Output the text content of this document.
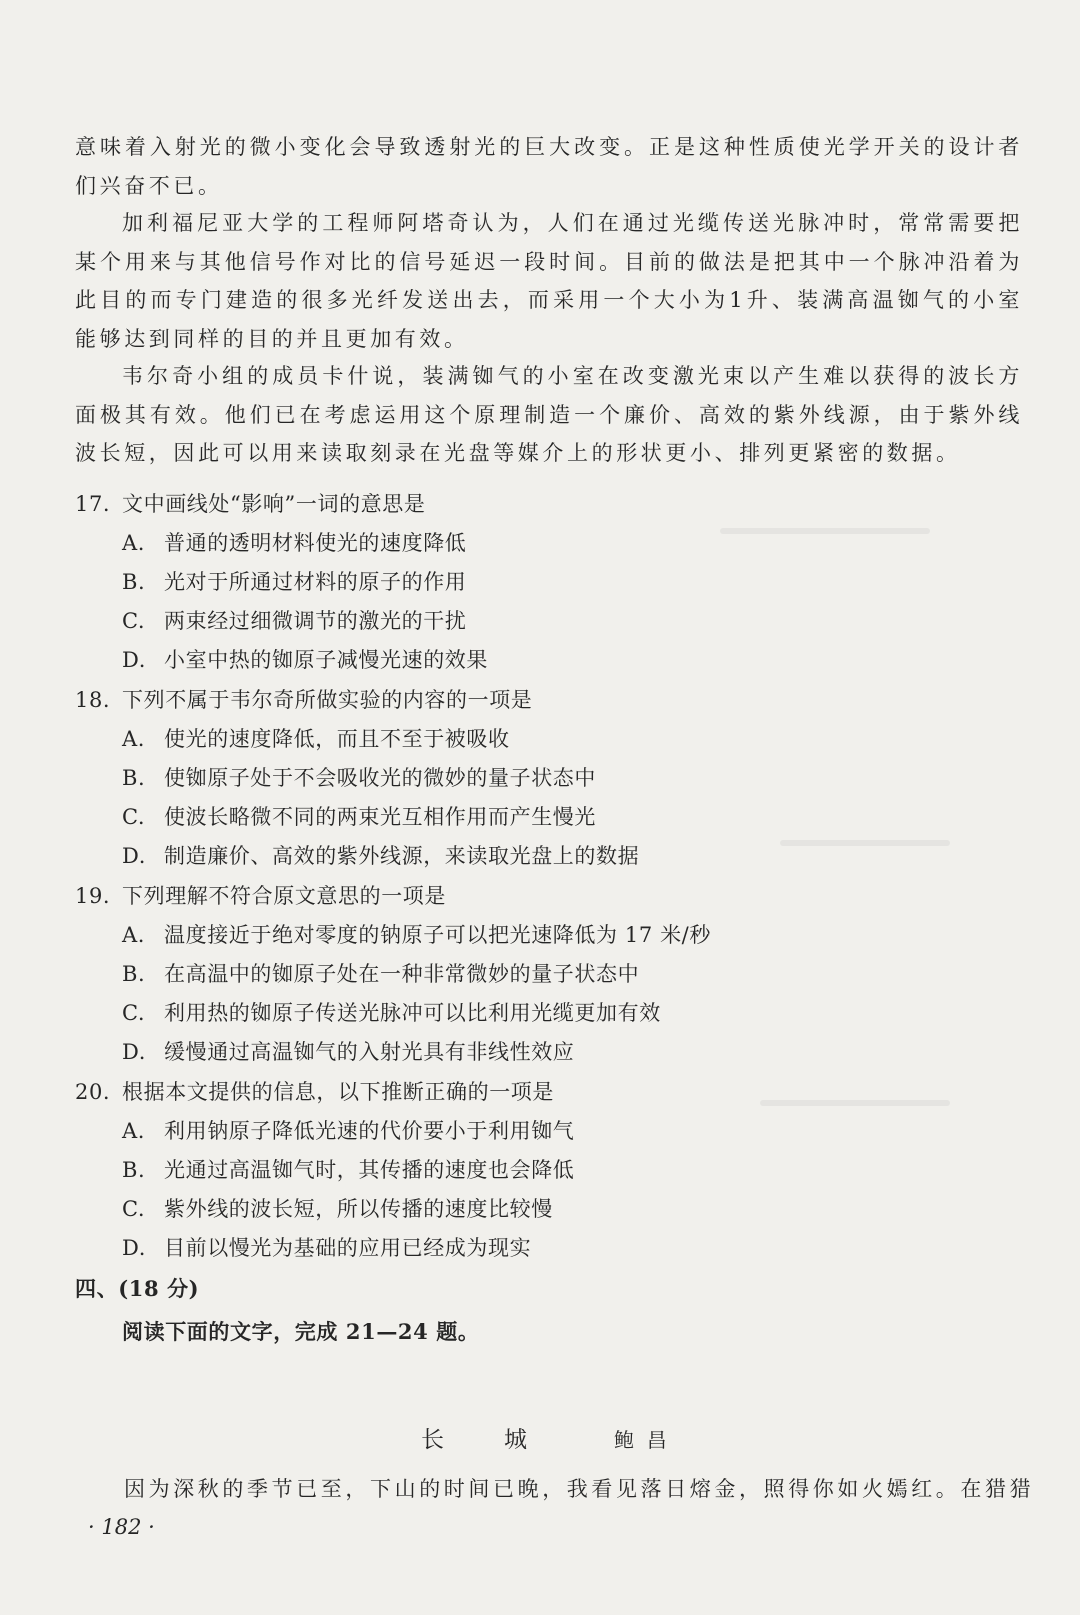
意味着入射光的微小变化会导致透射光的巨大改变。正是这种性质使光学开关的设计者们兴奋不已。

加利福尼亚大学的工程师阿塔奇认为，人们在通过光缆传送光脉冲时，常常需要把某个用来与其他信号作对比的信号延迟一段时间。目前的做法是把其中一个脉冲沿着为此目的而专门建造的很多光纤发送出去，而采用一个大小为1升、装满高温铷气的小室能够达到同样的目的并且更加有效。

韦尔奇小组的成员卡什说，装满铷气的小室在改变激光束以产生难以获得的波长方面极其有效。他们已在考虑运用这个原理制造一个廉价、高效的紫外线源，由于紫外线波长短，因此可以用来读取刻录在光盘等媒介上的形状更小、排列更紧密的数据。

17. 文中画线处“影响”一词的意思是
A. 普通的透明材料使光的速度降低
B. 光对于所通过材料的原子的作用
C. 两束经过细微调节的激光的干扰
D. 小室中热的铷原子减慢光速的效果
18. 下列不属于韦尔奇所做实验的内容的一项是
A. 使光的速度降低，而且不至于被吸收
B. 使铷原子处于不会吸收光的微妙的量子状态中
C. 使波长略微不同的两束光互相作用而产生慢光
D. 制造廉价、高效的紫外线源，来读取光盘上的数据
19. 下列理解不符合原文意思的一项是
A. 温度接近于绝对零度的钠原子可以把光速降低为 17 米/秒
B. 在高温中的铷原子处在一种非常微妙的量子状态中
C. 利用热的铷原子传送光脉冲可以比利用光缆更加有效
D. 缓慢通过高温铷气的入射光具有非线性效应
20. 根据本文提供的信息，以下推断正确的一项是
A. 利用钠原子降低光速的代价要小于利用铷气
B. 光通过高温铷气时，其传播的速度也会降低
C. 紫外线的波长短，所以传播的速度比较慢
D. 目前以慢光为基础的应用已经成为现实
四、(18 分)
阅读下面的文字，完成 21—24 题。
长	城	鲍  昌

因为深秋的季节已至，下山的时间已晚，我看见落日熔金，照得你如火嫣红。在猎猎

· 182 ·
